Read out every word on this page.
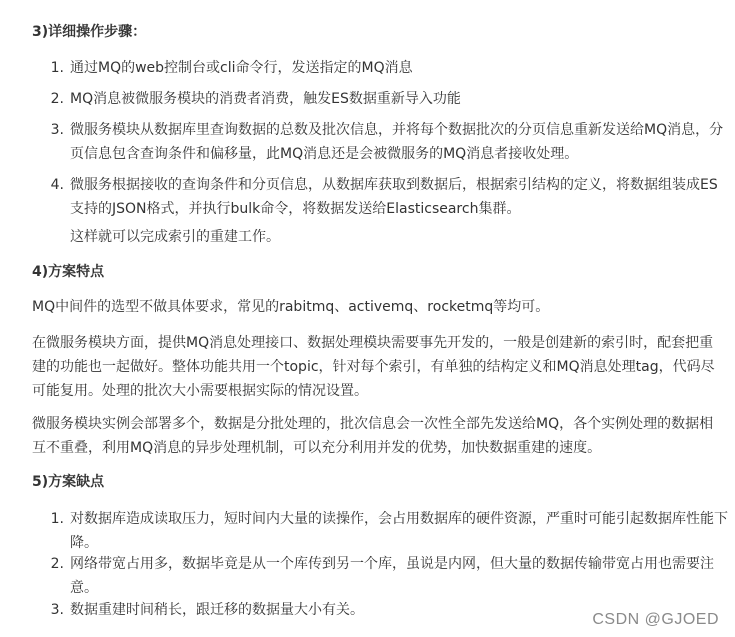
3)详细操作步骤：
1. 通过MQ的web控制台或cli命令行，发送指定的MQ消息
2. MQ消息被微服务模块的消费者消费，触发ES数据重新导入功能
3. 微服务模块从数据库里查询数据的总数及批次信息，并将每个数据批次的分页信息重新发送给MQ消息，分页信息包含查询条件和偏移量，此MQ消息还是会被微服务的MQ消息者接收处理。
4. 微服务根据接收的查询条件和分页信息，从数据库获取到数据后，根据索引结构的定义，将数据组装成ES支持的JSON格式，并执行bulk命令，将数据发送给Elasticsearch集群。
这样就可以完成索引的重建工作。
4)方案特点
MQ中间件的选型不做具体要求，常见的rabitmq、activemq、rocketmq等均可。
在微服务模块方面，提供MQ消息处理接口、数据处理模块需要事先开发的，一般是创建新的索引时，配套把重建的功能也一起做好。整体功能共用一个topic，针对每个索引，有单独的结构定义和MQ消息处理tag，代码尽可能复用。处理的批次大小需要根据实际的情况设置。
微服务模块实例会部署多个，数据是分批处理的，批次信息会一次性全部先发送给MQ，各个实例处理的数据相互不重叠，利用MQ消息的异步处理机制，可以充分利用并发的优势，加快数据重建的速度。
5)方案缺点
1. 对数据库造成读取压力，短时间内大量的读操作，会占用数据库的硬件资源，严重时可能引起数据库性能下降。
2. 网络带宽占用多，数据毕竟是从一个库传到另一个库，虽说是内网，但大量的数据传输带宽占用也需要注意。
3. 数据重建时间稍长，跟迁移的数据量大小有关。
CSDN @GJOED
